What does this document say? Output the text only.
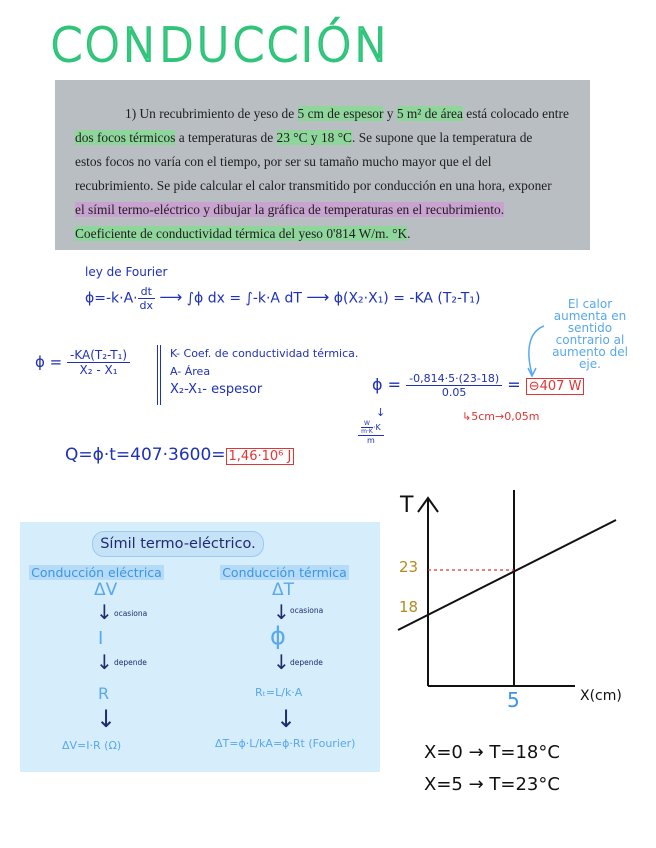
CONDUCCIÓN
1) Un recubrimiento de yeso de 5 cm de espesor y 5 m² de área está colocado entre
dos focos térmicos a temperaturas de 23 °C y 18 °C. Se supone que la temperatura de
estos focos no varía con el tiempo, por ser su tamaño mucho mayor que el del
recubrimiento. Se pide calcular el calor transmitido por conducción en una hora, exponer
el símil termo-eléctrico y dibujar la gráfica de temperaturas en el recubrimiento.
Coeficiente de conductividad térmica del yeso 0'814 W/m. °K.
ley de Fourier
$\phi=-k\cdot A\cdot \frac{dt}{dx}$ ⟶ ∫ϕ dx = ∫-k·A dT ⟶ ϕ(X₂·X₁) = -KA (T₂-T₁)	El calor aumenta en sentido contrario al aumento del eje.
$\phi = \frac{\text{-KA(T₂-T₁)}}{\text{X₂ - X₁}}$	K- Coef. de conductividad térmica.
A- Área
X₂-X₁- espesor	$\phi = \frac{-0,814\cdot 5\cdot(23-18)}{0.05}$ = ⊖407 W
↳5cm→0,05m
↓
$\frac{\frac{W}{m\cdot K} \cdot K}{m}$
Q=ϕ·t=407·3600= 1,46·10⁶ J
Símil termo-eléctrico.
Conducción eléctrica	Conducción térmica
ΔV
↓ ocasiona
I
↓ depende
R
↓
ΔV=I·R (Ω)
ΔT
↓ ocasiona
ϕ
↓ depende
Rₜ=L/k·A
↓
ΔT=ϕ·L/kA=ϕ·Rt (Fourier)
T
X(cm)
23
18
5
X=0 → T=18°C
X=5 → T=23°C
